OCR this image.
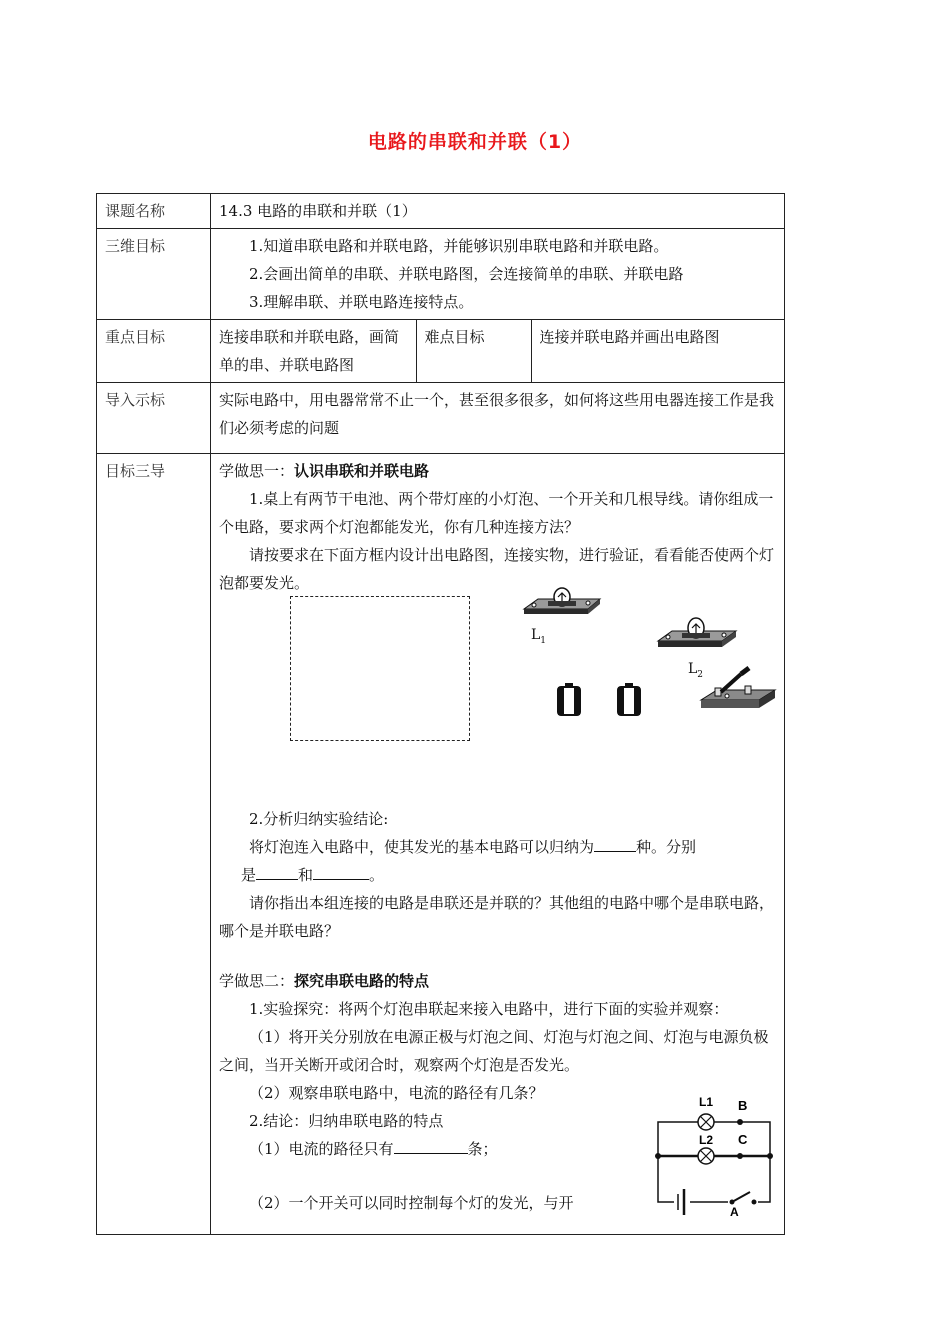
电路的串联和并联（1）
课题名称	14.3 电路的串联和并联（1）
三维目标	1.知道串联电路和并联电路，并能够识别串联电路和并联电路。

2.会画出简单的串联、并联电路图，会连接简单的串联、并联电路

3.理解串联、并联电路连接特点。

重点目标		连接串联和并联电路，画简单的串、并联电路图	难点目标	连接并联电路并画出电路图

导入示标	实际电路中，用电器常常不止一个，甚至很多很多，如何将这些用电器连接工作是我们必须考虑的问题
目标三导	学做思一：认识串联和并联电路

1.桌上有两节干电池、两个带灯座的小灯泡、一个开关和几根导线。请你组成一个电路，要求两个灯泡都能发光，你有几种连接方法？

请按要求在下面方框内设计出电路图，连接实物，进行验证，看看能否使两个灯泡都要发光。

2.分析归纳实验结论:

将灯泡连入电路中，使其发光的基本电路可以归纳为	种。分别

是	和	。

请你指出本组连接的电路是串联还是并联的？其他组的电路中哪个是串联电路，哪个是并联电路？

学做思二：探究串联电路的特点

1.实验探究：将两个灯泡串联起来接入电路中，进行下面的实验并观察：

（1）将开关分别放在电源正极与灯泡之间、灯泡与灯泡之间、灯泡与电源负极之间，当开关断开或闭合时，观察两个灯泡是否发光。

（2）观察串联电路中，电流的路径有几条？

2.结论：归纳串联电路的特点

（1）电流的路径只有	条；

（2）一个开关可以同时控制每个灯的发光，与开

$L_1$
$L_2$
L1
L2
B
C
A
